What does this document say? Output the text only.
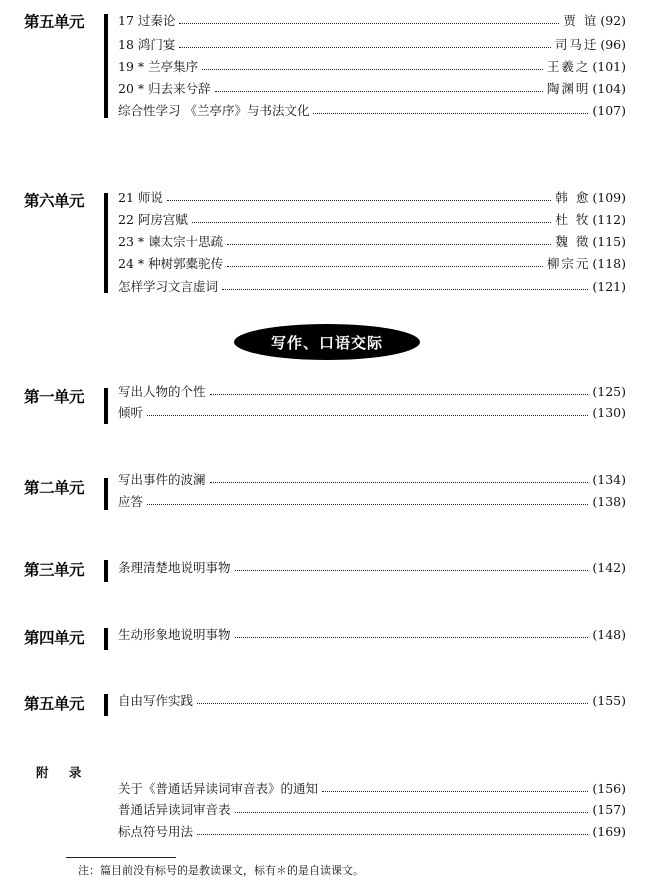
第五单元	17 过秦论	贾 谊 (92)
18 鸿门宴	司马迁 (96)
19 * 兰亭集序	王羲之 (101)
20 * 归去来兮辞	陶渊明 (104)
综合性学习 《兰亭序》与书法文化	(107)
第六单元	21 师说	韩 愈 (109)
22 阿房宫赋	杜 牧 (112)
23 * 谏太宗十思疏	魏 徵 (115)
24 * 种树郭橐驼传	柳宗元 (118)
怎样学习文言虚词	(121)
写作、口语交际
第一单元	写出人物的个性	(125)
倾听	(130)
第二单元	写出事件的波澜	(134)
应答	(138)
第三单元	条理清楚地说明事物	(142)
第四单元	生动形象地说明事物	(148)
第五单元	自由写作实践	(155)
附 录
关于《普通话异读词审音表》的通知	(156)
普通话异读词审音表	(157)
标点符号用法	(169)
注：篇目前没有标号的是教读课文，标有＊的是自读课文。
